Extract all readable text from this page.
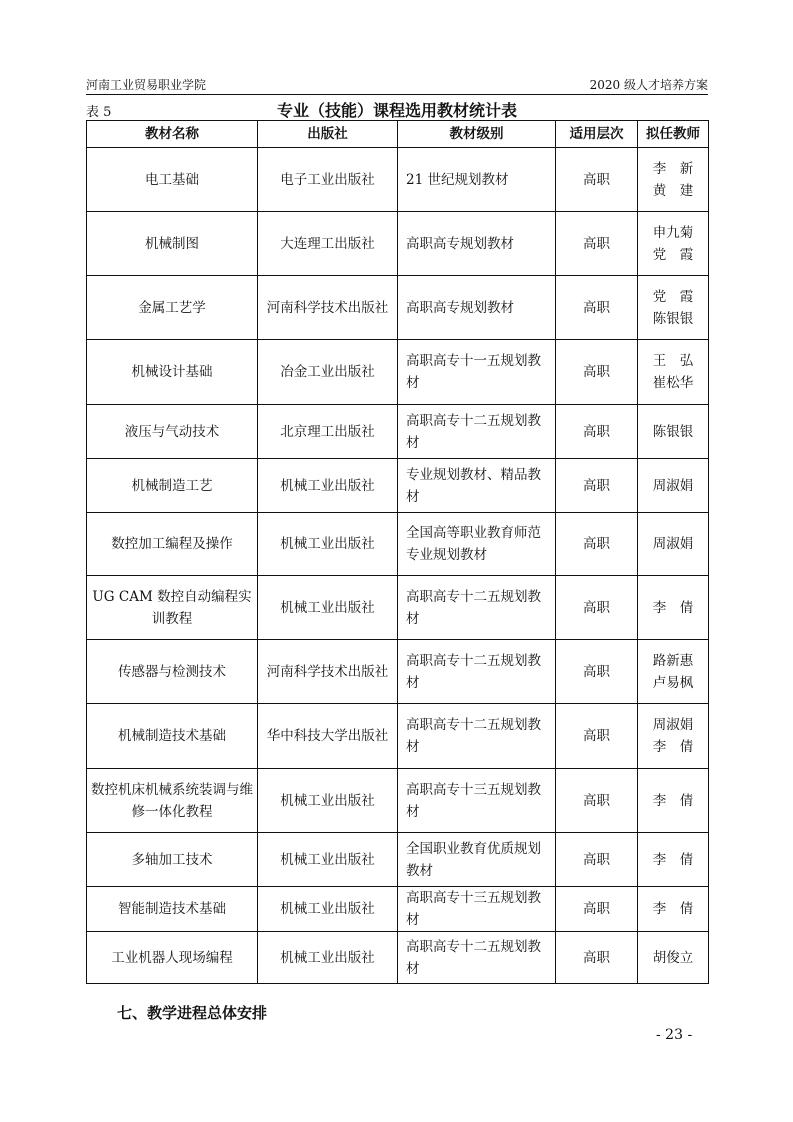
河南工业贸易职业学院	2020 级人才培养方案
表 5	专业（技能）课程选用教材统计表
教材名称	出版社	教材级别	适用层次	拟任教师
电工基础	电子工业出版社	21 世纪规划教材	高职	李　新
黄　建

机械制图	大连理工出版社	高职高专规划教材	高职	申九菊
党　霞

金属工艺学	河南科学技术出版社	高职高专规划教材	高职	党　霞
陈银银

机械设计基础	冶金工业出版社	高职高专十一五规划教材	高职	王　弘
崔松华

液压与气动技术	北京理工出版社	高职高专十二五规划教材	高职	陈银银

机械制造工艺	机械工业出版社	专业规划教材、精品教材	高职	周淑娟

数控加工编程及操作	机械工业出版社	全国高等职业教育师范专业规划教材	高职	周淑娟

UG CAM 数控自动编程实训教程	机械工业出版社	高职高专十二五规划教材	高职	李　倩

传感器与检测技术	河南科学技术出版社	高职高专十二五规划教材	高职	路新惠
卢易枫

机械制造技术基础	华中科技大学出版社	高职高专十二五规划教材	高职	周淑娟
李　倩

数控机床机械系统装调与维修一体化教程	机械工业出版社	高职高专十三五规划教材	高职	李　倩

多轴加工技术	机械工业出版社	全国职业教育优质规划教材	高职	李　倩

智能制造技术基础	机械工业出版社	高职高专十三五规划教材	高职	李　倩

工业机器人现场编程	机械工业出版社	高职高专十二五规划教材	高职	胡俊立
七、教学进程总体安排
- 23 -
